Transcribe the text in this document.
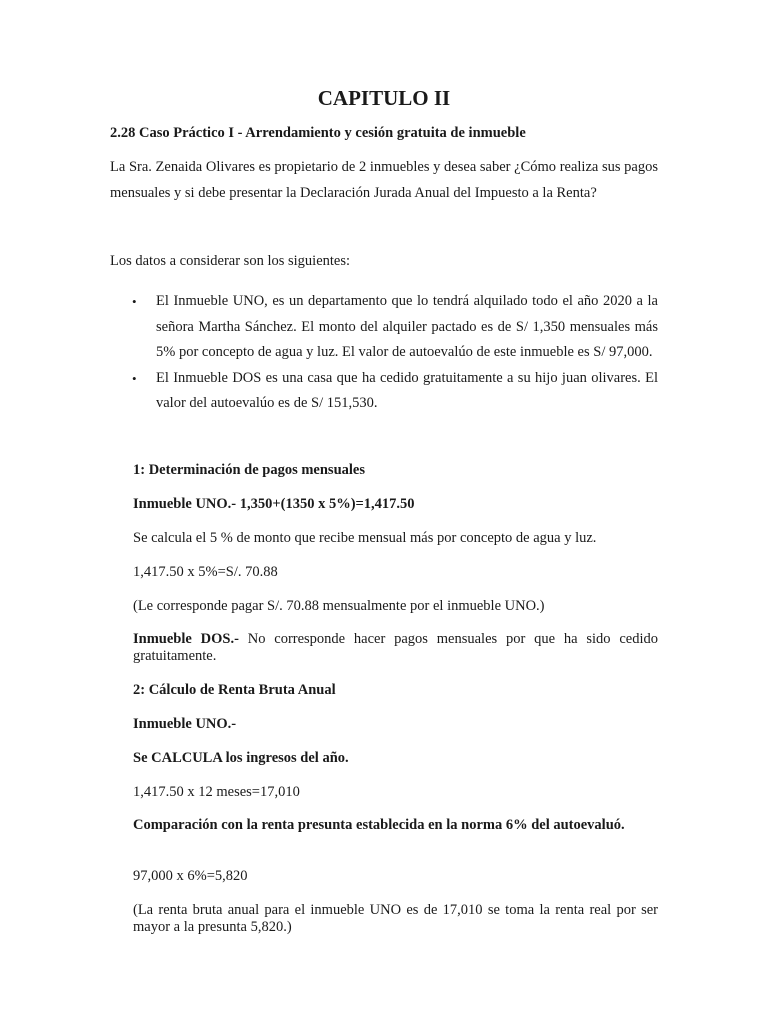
CAPITULO II
2.28 Caso Práctico I - Arrendamiento y cesión gratuita de inmueble

La Sra. Zenaida Olivares es propietario de 2 inmuebles y desea saber ¿Cómo realiza sus pagos mensuales y si debe presentar la Declaración Jurada Anual del Impuesto a la Renta?

Los datos a considerar son los siguientes:

• El Inmueble UNO, es un departamento que lo tendrá alquilado todo el año 2020 a la señora Martha Sánchez. El monto del alquiler pactado es de S/ 1,350 mensuales más 5% por concepto de agua y luz. El valor de autoevalúo de este inmueble es S/ 97,000.
• El Inmueble DOS es una casa que ha cedido gratuitamente a su hijo juan olivares. El valor del autoevalúo es de S/ 151,530.

1: Determinación de pagos mensuales

Inmueble UNO.- 1,350+(1350 x 5%)=1,417.50

Se calcula el 5 % de monto que recibe mensual más por concepto de agua y luz.

1,417.50 x 5%=S/. 70.88

(Le corresponde pagar S/. 70.88 mensualmente por el inmueble UNO.)

Inmueble DOS.- No corresponde hacer pagos mensuales por que ha sido cedido gratuitamente.

2: Cálculo de Renta Bruta Anual

Inmueble UNO.-

Se CALCULA los ingresos del año.

1,417.50 x 12 meses=17,010

Comparación con la renta presunta establecida en la norma 6% del autoevaluó.

97,000 x 6%=5,820

(La renta bruta anual para el inmueble UNO es de 17,010 se toma la renta real por ser mayor a la presunta 5,820.)
